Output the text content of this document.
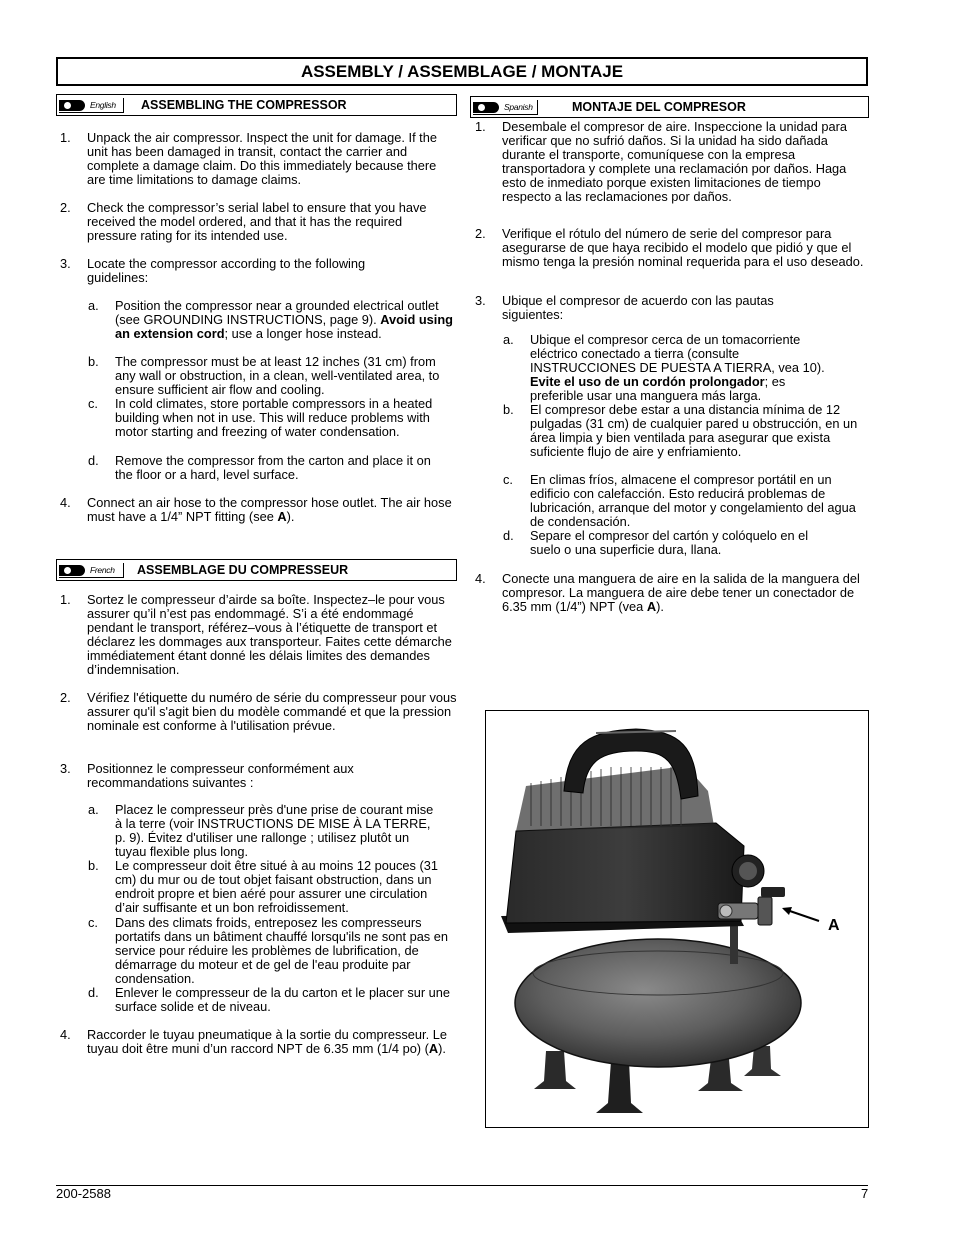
ASSEMBLY / ASSEMBLAGE / MONTAJE
English ASSEMBLING THE COMPRESSOR
1. Unpack the air compressor. Inspect the unit for damage. If the unit has been damaged in transit, contact the carrier and complete a damage claim. Do this immediately because there are time limitations to damage claims.
2. Check the compressor’s serial label to ensure that you have received the model ordered, and that it has the required pressure rating for its intended use.
3. Locate the compressor according to the following guidelines:
a. Position the compressor near a grounded electrical outlet (see GROUNDING INSTRUCTIONS, page 9). Avoid using an extension cord; use a longer hose instead.
b. The compressor must be at least 12 inches (31 cm) from any wall or obstruction, in a clean, well-ventilated area, to ensure sufficient air flow and cooling.
c. In cold climates, store portable compressors in a heated building when not in use. This will reduce problems with motor starting and freezing of water condensation.
d. Remove the compressor from the carton and place it on the floor or a hard, level surface.
4. Connect an air hose to the compressor hose outlet. The air hose must have a 1/4” NPT fitting (see A).
French ASSEMBLAGE DU COMPRESSEUR
1. Sortez le compresseur d’airde sa boîte. Inspectez–le pour vous assurer qu’il n’est pas endommagé. S’i a été endommagé pendant le transport, référez–vous à l’étiquette de transport et déclarez les dommages aux transporteur. Faites cette démarche immédiatement étant donné les délais limites des demandes d’indemnisation.
2. Vérifiez l'étiquette du numéro de série du compresseur pour vous assurer qu'il s'agit bien du modèle commandé et que la pression nominale est conforme à l'utilisation prévue.
3. Positionnez le compresseur conformément aux recommandations suivantes :
a. Placez le compresseur près d'une prise de courant mise à la terre (voir INSTRUCTIONS DE MISE À LA TERRE, p. 9). Évitez d'utiliser une rallonge ; utilisez plutôt un tuyau flexible plus long.
b. Le compresseur doit être situé à au moins 12 pouces (31 cm) du mur ou de tout objet faisant obstruction, dans un endroit propre et bien aéré pour assurer une circulation d’air suffisante et un bon refroidissement.
c. Dans des climats froids, entreposez les compresseurs portatifs dans un bâtiment chauffé lorsqu'ils ne sont pas en service pour réduire les problèmes de lubrification, de démarrage du moteur et de gel de l'eau produite par condensation.
d. Enlever le compresseur de la du carton et le placer sur une surface solide et de niveau.
4. Raccorder le tuyau pneumatique à la sortie du compresseur. Le tuyau doit être muni d’un raccord NPT de 6.35 mm (1/4 po) (A).
Spanish	MONTAJE DEL COMPRESOR
1. Desembale el compresor de aire. Inspeccione la unidad para verificar que no sufrió daños. Si la unidad ha sido dañada durante el transporte, comuníquese con la empresa transportadora y complete una reclamación por daños. Haga esto de inmediato porque existen limitaciones de tiempo respecto a las reclamaciones por daños.
2. Verifique el rótulo del número de serie del compresor para asegurarse de que haya recibido el modelo que pidió y que el mismo tenga la presión nominal requerida para el uso deseado.
3. Ubique el compresor de acuerdo con las pautas siguientes:
a. Ubique el compresor cerca de un tomacorriente eléctrico conectado a tierra (consulte INSTRUCCIONES DE PUESTA A TIERRA, vea 10). Evite el uso de un cordón prolongador; es preferible usar una manguera más larga.
b. El compresor debe estar a una distancia mínima de 12 pulgadas (31 cm) de cualquier pared u obstrucción, en un área limpia y bien ventilada para asegurar que exista suficiente flujo de aire y enfriamiento.
c. En climas fríos, almacene el compresor portátil en un edificio con calefacción. Esto reducirá problemas de lubricación, arranque del motor y congelamiento del agua de condensación.
d. Separe el compresor del cartón y colóquelo en el suelo o una superficie dura, llana.
4. Conecte una manguera de aire en la salida de la manguera del compresor. La manguera de aire debe tener un conectador de 6.35 mm (1/4”) NPT (vea A).
A
200-2588	7
